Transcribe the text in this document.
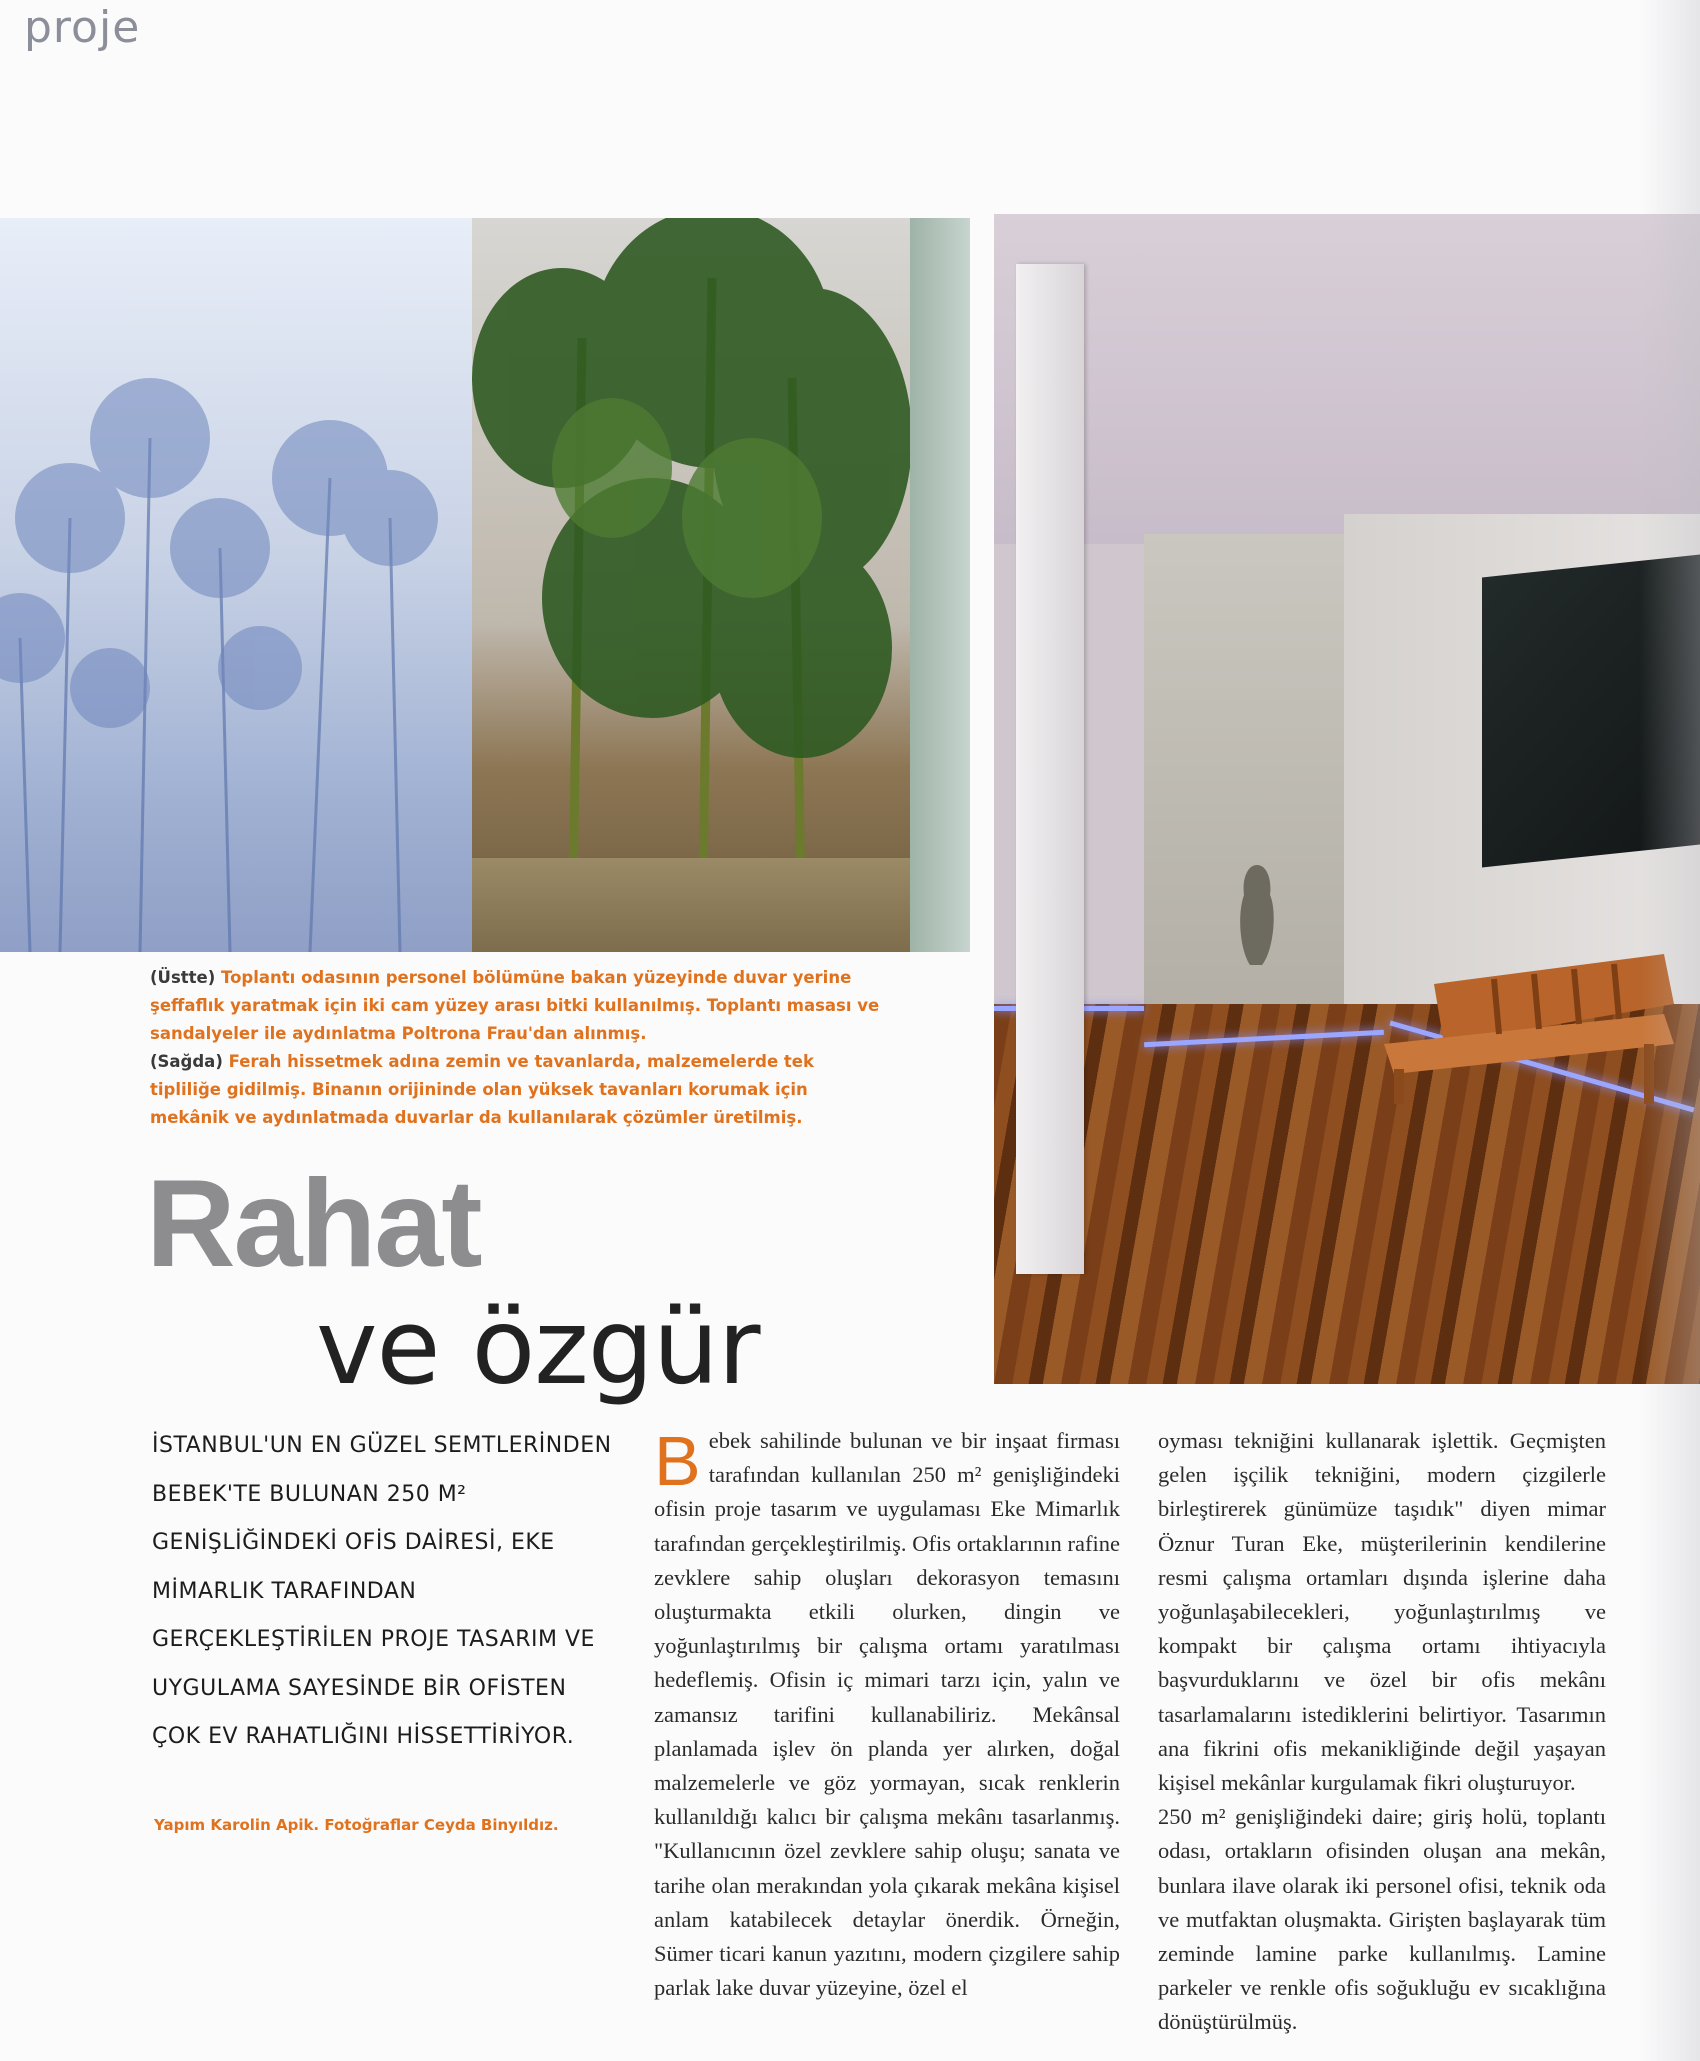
proje

(Üstte) Toplantı odasının personel bölümüne bakan yüzeyinde duvar yerine şeffaflık yaratmak için iki cam yüzey arası bitki kullanılmış. Toplantı masası ve sandalyeler ile aydınlatma Poltrona Frau'dan alınmış.

(Sağda) Ferah hissetmek adına zemin ve tavanlarda, malzemelerde tek tipliliğe gidilmiş. Binanın orijininde olan yüksek tavanları korumak için mekânik ve aydınlatmada duvarlar da kullanılarak çözümler üretilmiş.

Rahat
ve özgür
İSTANBUL'UN EN GÜZEL SEMTLERİNDEN BEBEK'TE BULUNAN 250 M² GENİŞLİĞİNDEKİ OFİS DAİRESİ, EKE MİMARLIK TARAFINDAN GERÇEKLEŞTİRİLEN PROJE TASARIM VE UYGULAMA SAYESİNDE BİR OFİSTEN ÇOK EV RAHATLIĞINI HİSSETTİRİYOR.
Yapım Karolin Apik. Fotoğraflar Ceyda Binyıldız.
Bebek sahilinde bulunan ve bir inşaat firması tarafından kullanılan 250 m² genişliğindeki ofisin proje tasarım ve uygulaması Eke Mimarlık tarafından gerçekleştirilmiş. Ofis ortaklarının rafine zevklere sahip oluşları dekorasyon temasını oluşturmakta etkili olurken, dingin ve yoğunlaştırılmış bir çalışma ortamı yaratılması hedeflemiş. Ofisin iç mimari tarzı için, yalın ve zamansız tarifini kullanabiliriz. Mekânsal planlamada işlev ön planda yer alırken, doğal malzemelerle ve göz yormayan, sıcak renklerin kullanıldığı kalıcı bir çalışma mekânı tasarlanmış. "Kullanıcının özel zevklere sahip oluşu; sanata ve tarihe olan merakından yola çıkarak mekâna kişisel anlam katabilecek detaylar önerdik. Örneğin, Sümer ticari kanun yazıtını, modern çizgilere sahip parlak lake duvar yüzeyine, özel el
oyması tekniğini kullanarak işlettik. Geçmişten gelen işçilik tekniğini, modern çizgilerle birleştirerek günümüze taşıdık" diyen mimar Öznur Turan Eke, müşterilerinin kendilerine resmi çalışma ortamları dışında işlerine daha yoğunlaşabilecekleri, yoğunlaştırılmış ve kompakt bir çalışma ortamı ihtiyacıyla başvurduklarını ve özel bir ofis mekânı tasarlamalarını istediklerini belirtiyor. Tasarımın ana fikrini ofis mekanikliğinde değil yaşayan kişisel mekânlar kurgulamak fikri oluşturuyor.
250 m² genişliğindeki daire; giriş holü, toplantı odası, ortakların ofisinden oluşan ana mekân, bunlara ilave olarak iki personel ofisi, teknik oda ve mutfaktan oluşmakta. Girişten başlayarak tüm zeminde lamine parke kullanılmış. Lamine parkeler ve renkle ofis soğukluğu ev sıcaklığına dönüştürülmüş.
